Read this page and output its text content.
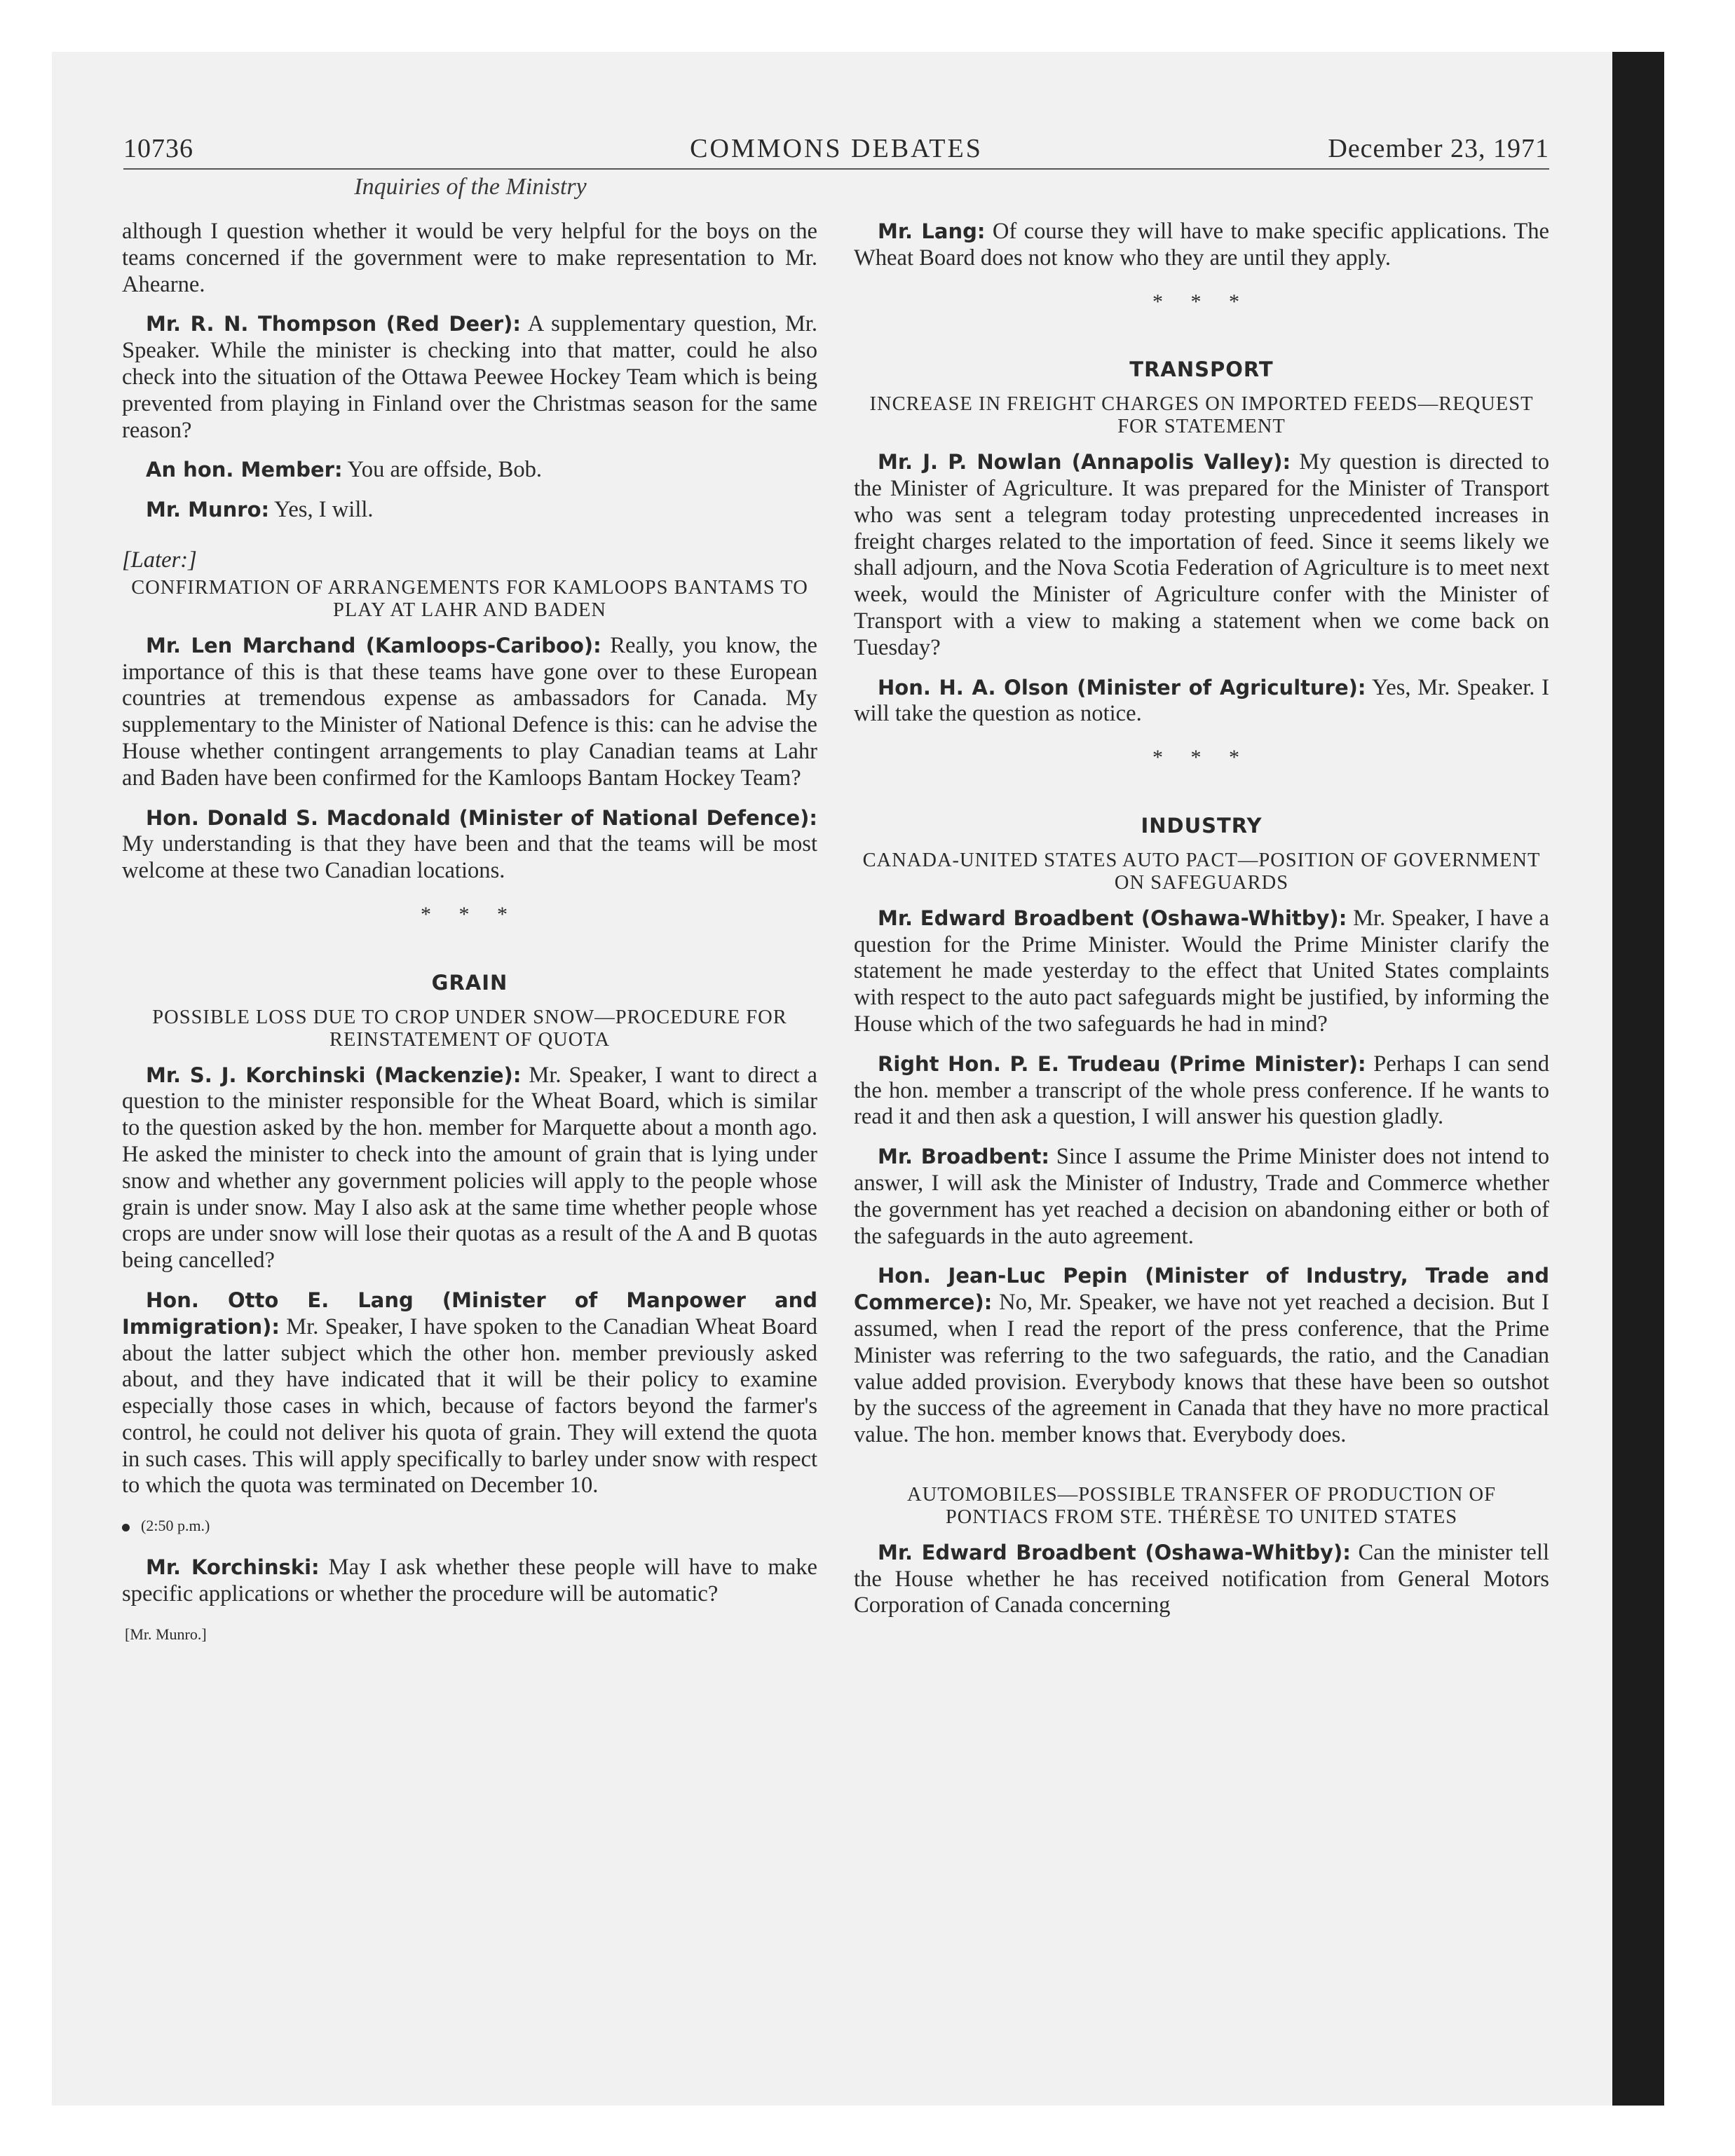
10736	COMMONS DEBATES	December 23, 1971
Inquiries of the Ministry

although I question whether it would be very helpful for the boys on the teams concerned if the government were to make representation to Mr. Ahearne.

Mr. R. N. Thompson (Red Deer): A supplementary question, Mr. Speaker. While the minister is checking into that matter, could he also check into the situation of the Ottawa Peewee Hockey Team which is being prevented from playing in Finland over the Christmas season for the same reason?

An hon. Member: You are offside, Bob.

Mr. Munro: Yes, I will.

[Later:]
CONFIRMATION OF ARRANGEMENTS FOR KAMLOOPS BANTAMS TO PLAY AT LAHR AND BADEN

Mr. Len Marchand (Kamloops-Cariboo): Really, you know, the importance of this is that these teams have gone over to these European countries at tremendous expense as ambassadors for Canada. My supplementary to the Minister of National Defence is this: can he advise the House whether contingent arrangements to play Canadian teams at Lahr and Baden have been confirmed for the Kamloops Bantam Hockey Team?

Hon. Donald S. Macdonald (Minister of National Defence): My understanding is that they have been and that the teams will be most welcome at these two Canadian locations.

* * *
GRAIN
POSSIBLE LOSS DUE TO CROP UNDER SNOW—PROCEDURE FOR REINSTATEMENT OF QUOTA

Mr. S. J. Korchinski (Mackenzie): Mr. Speaker, I want to direct a question to the minister responsible for the Wheat Board, which is similar to the question asked by the hon. member for Marquette about a month ago. He asked the minister to check into the amount of grain that is lying under snow and whether any government policies will apply to the people whose grain is under snow. May I also ask at the same time whether people whose crops are under snow will lose their quotas as a result of the A and B quotas being cancelled?

Hon. Otto E. Lang (Minister of Manpower and Immigration): Mr. Speaker, I have spoken to the Canadian Wheat Board about the latter subject which the other hon. member previously asked about, and they have indicated that it will be their policy to examine especially those cases in which, because of factors beyond the farmer's control, he could not deliver his quota of grain. They will extend the quota in such cases. This will apply specifically to barley under snow with respect to which the quota was terminated on December 10.

(2:50 p.m.)

Mr. Korchinski: May I ask whether these people will have to make specific applications or whether the procedure will be automatic?

[Mr. Munro.]

Mr. Lang: Of course they will have to make specific applications. The Wheat Board does not know who they are until they apply.

* * *
TRANSPORT
INCREASE IN FREIGHT CHARGES ON IMPORTED FEEDS—REQUEST FOR STATEMENT

Mr. J. P. Nowlan (Annapolis Valley): My question is directed to the Minister of Agriculture. It was prepared for the Minister of Transport who was sent a telegram today protesting unprecedented increases in freight charges related to the importation of feed. Since it seems likely we shall adjourn, and the Nova Scotia Federation of Agriculture is to meet next week, would the Minister of Agriculture confer with the Minister of Transport with a view to making a statement when we come back on Tuesday?

Hon. H. A. Olson (Minister of Agriculture): Yes, Mr. Speaker. I will take the question as notice.

* * *
INDUSTRY
CANADA-UNITED STATES AUTO PACT—POSITION OF GOVERNMENT ON SAFEGUARDS

Mr. Edward Broadbent (Oshawa-Whitby): Mr. Speaker, I have a question for the Prime Minister. Would the Prime Minister clarify the statement he made yesterday to the effect that United States complaints with respect to the auto pact safeguards might be justified, by informing the House which of the two safeguards he had in mind?

Right Hon. P. E. Trudeau (Prime Minister): Perhaps I can send the hon. member a transcript of the whole press conference. If he wants to read it and then ask a question, I will answer his question gladly.

Mr. Broadbent: Since I assume the Prime Minister does not intend to answer, I will ask the Minister of Industry, Trade and Commerce whether the government has yet reached a decision on abandoning either or both of the safeguards in the auto agreement.

Hon. Jean-Luc Pepin (Minister of Industry, Trade and Commerce): No, Mr. Speaker, we have not yet reached a decision. But I assumed, when I read the report of the press conference, that the Prime Minister was referring to the two safeguards, the ratio, and the Canadian value added provision. Everybody knows that these have been so outshot by the success of the agreement in Canada that they have no more practical value. The hon. member knows that. Everybody does.

AUTOMOBILES—POSSIBLE TRANSFER OF PRODUCTION OF PONTIACS FROM STE. THÉRÈSE TO UNITED STATES

Mr. Edward Broadbent (Oshawa-Whitby): Can the minister tell the House whether he has received notification from General Motors Corporation of Canada concerning
